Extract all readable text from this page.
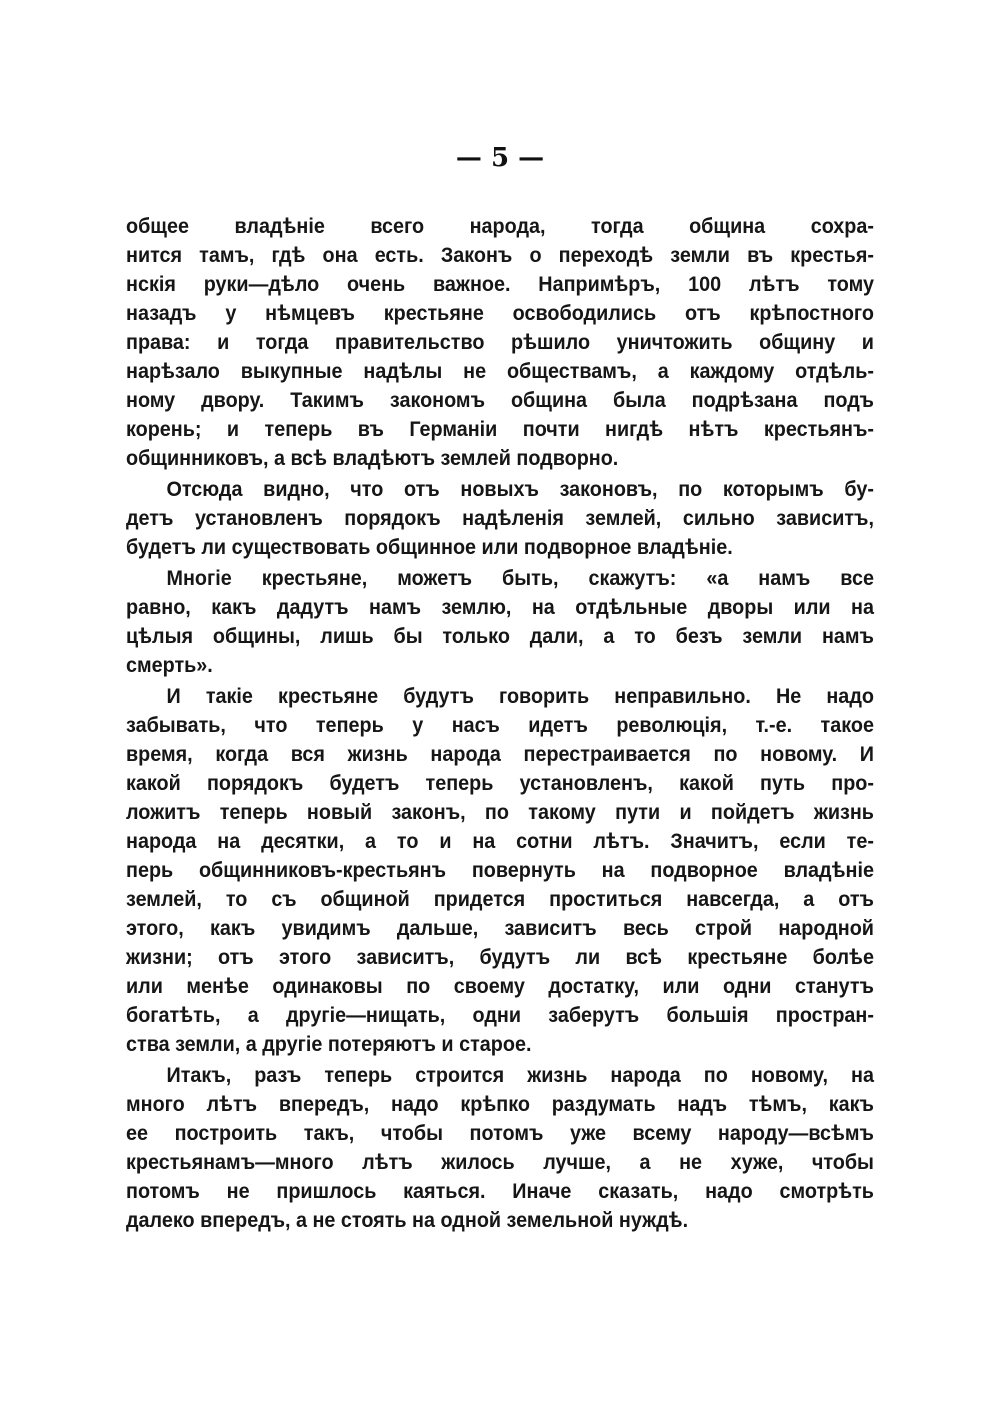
— 5 —
общее владѣніе всего народа, тогда община сохра-
нится тамъ, гдѣ она есть. Законъ о переходѣ земли въ крестья-
нскія руки—дѣло очень важное. Напримѣръ, 100 лѣтъ тому
назадъ у нѣмцевъ крестьяне освободились отъ крѣпостного
права: и тогда правительство рѣшило уничтожить общину и
нарѣзало выкупные надѣлы не обществамъ, а каждому отдѣль-
ному двору. Такимъ закономъ община была подрѣзана подъ
корень; и теперь въ Германіи почти нигдѣ нѣтъ крестьянъ-
общинниковъ, а всѣ владѣютъ землей подворно.
Отсюда видно, что отъ новыхъ законовъ, по которымъ бу-
детъ установленъ порядокъ надѣленія землей, сильно зависитъ,
будетъ ли существовать общинное или подворное владѣніе.
Многіе крестьяне, можетъ быть, скажутъ: «а намъ все
равно, какъ дадутъ намъ землю, на отдѣльные дворы или на
цѣлыя общины, лишь бы только дали, а то безъ земли намъ
смерть».
И такіе крестьяне будутъ говорить неправильно. Не надо
забывать, что теперь у насъ идетъ революція, т.-е. такое
время, когда вся жизнь народа перестраивается по новому. И
какой порядокъ будетъ теперь установленъ, какой путь про-
ложитъ теперь новый законъ, по такому пути и пойдетъ жизнь
народа на десятки, а то и на сотни лѣтъ. Значитъ, если те-
перь общинниковъ-крестьянъ повернуть на подворное владѣніе
землей, то съ общиной придется проститься навсегда, а отъ
этого, какъ увидимъ дальше, зависитъ весь строй народной
жизни; отъ этого зависитъ, будутъ ли всѣ крестьяне болѣе
или менѣе одинаковы по своему достатку, или одни станутъ
богатѣть, а другіе—нищать, одни заберутъ большія простран-
ства земли, а другіе потеряютъ и старое.
Итакъ, разъ теперь строится жизнь народа по новому, на
много лѣтъ впередъ, надо крѣпко раздумать надъ тѣмъ, какъ
ее построить такъ, чтобы потомъ уже всему народу—всѣмъ
крестьянамъ—много лѣтъ жилось лучше, а не хуже, чтобы
потомъ не пришлось каяться. Иначе сказать, надо смотрѣть
далеко впередъ, а не стоять на одной земельной нуждѣ.
